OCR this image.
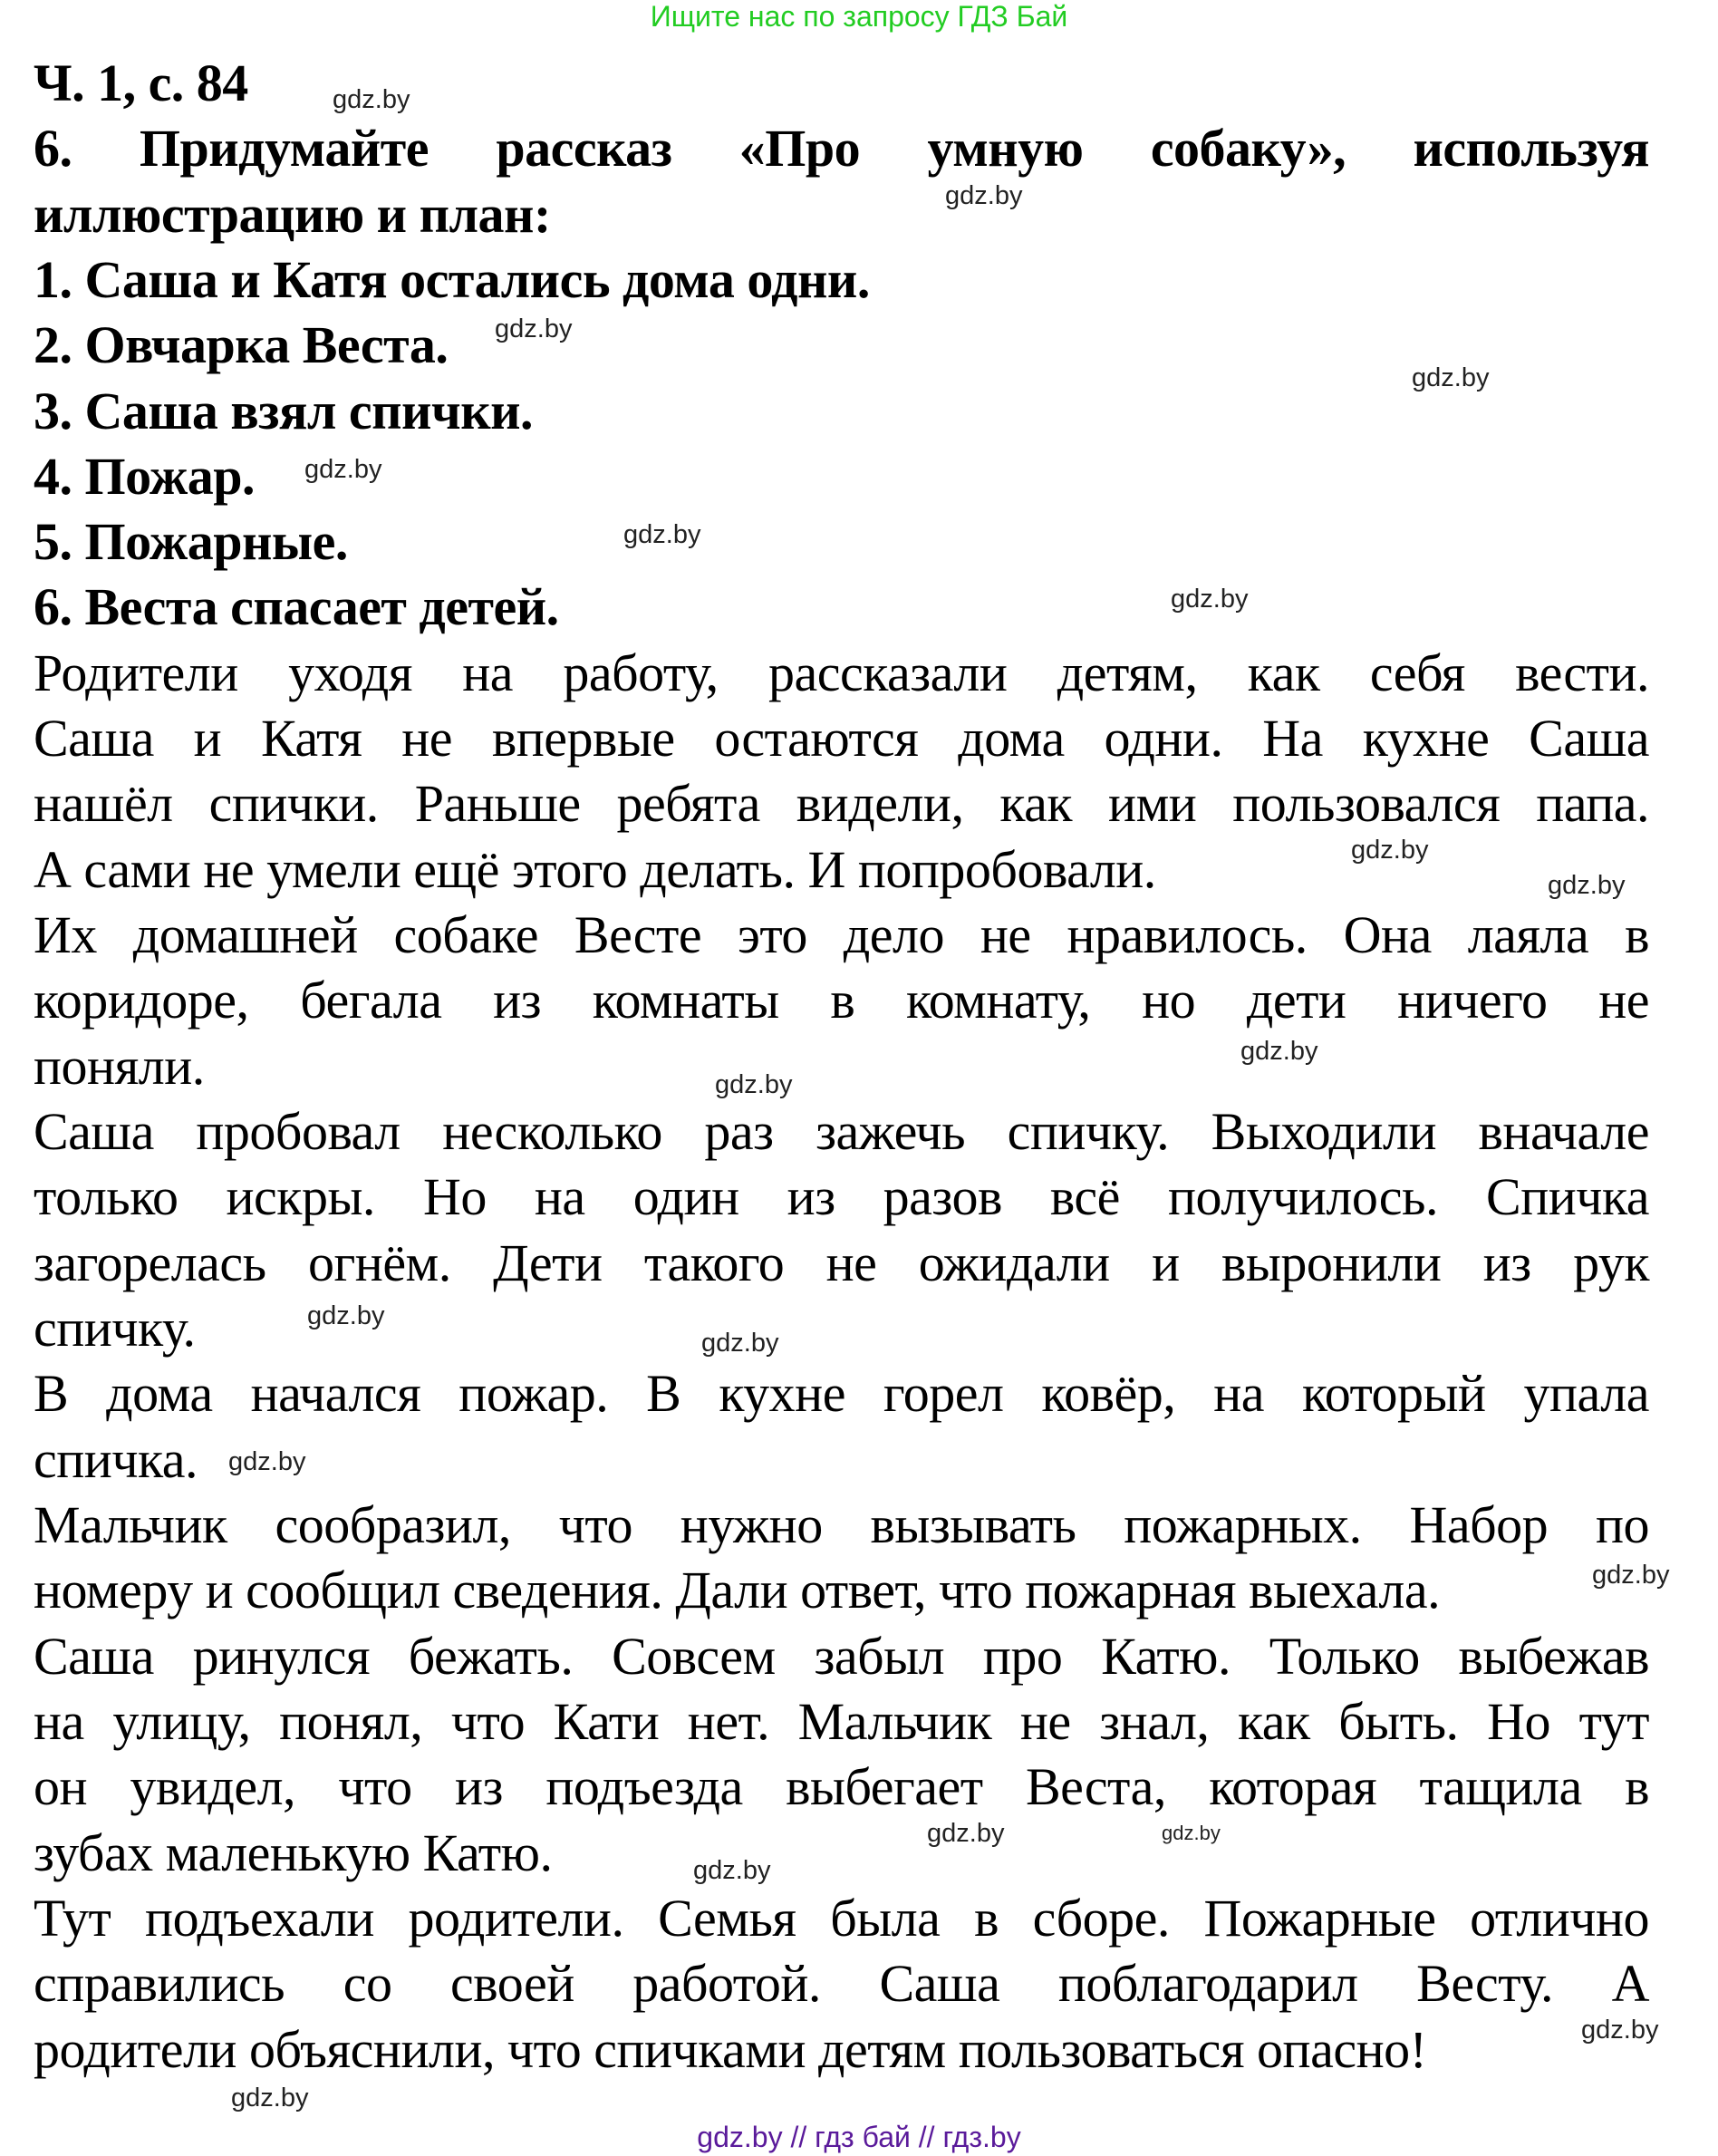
Ищите нас по запросу ГДЗ Бай
Ч. 1, с. 84
6. Придумайте рассказ «Про умную собаку», используя
иллюстрацию и план:
1. Саша и Катя остались дома одни.
2. Овчарка Веста.
3. Саша взял спички.
4. Пожар.
5. Пожарные.
6. Веста спасает детей.
Родители уходя на работу, рассказали детям, как себя вести.
Саша и Катя не впервые остаются дома одни. На кухне Саша
нашёл спички. Раньше ребята видели, как ими пользовался папа.
А сами не умели ещё этого делать. И попробовали.
Их домашней собаке Весте это дело не нравилось. Она лаяла в
коридоре, бегала из комнаты в комнату, но дети ничего не
поняли.
Саша пробовал несколько раз зажечь спичку. Выходили вначале
только искры. Но на один из разов всё получилось. Спичка
загорелась огнём. Дети такого не ожидали и выронили из рук
спичку.
В дома начался пожар. В кухне горел ковёр, на который упала
спичка.
Мальчик сообразил, что нужно вызывать пожарных. Набор по
номеру и сообщил сведения. Дали ответ, что пожарная выехала.
Саша ринулся бежать. Совсем забыл про Катю. Только выбежав
на улицу, понял, что Кати нет. Мальчик не знал, как быть. Но тут
он увидел, что из подъезда выбегает Веста, которая тащила в
зубах маленькую Катю.
Тут подъехали родители. Семья была в сборе. Пожарные отлично
справились со своей работой. Саша поблагодарил Весту. А
родители объяснили, что спичками детям пользоваться опасно!
gdz.by
gdz.by
gdz.by
gdz.by
gdz.by
gdz.by
gdz.by
gdz.by
gdz.by
gdz.by
gdz.by
gdz.by
gdz.by
gdz.by
gdz.by
gdz.by
gdz.by
gdz.by
gdz.by
gdz.by
gdz.by // гдз бай // гдз.by
